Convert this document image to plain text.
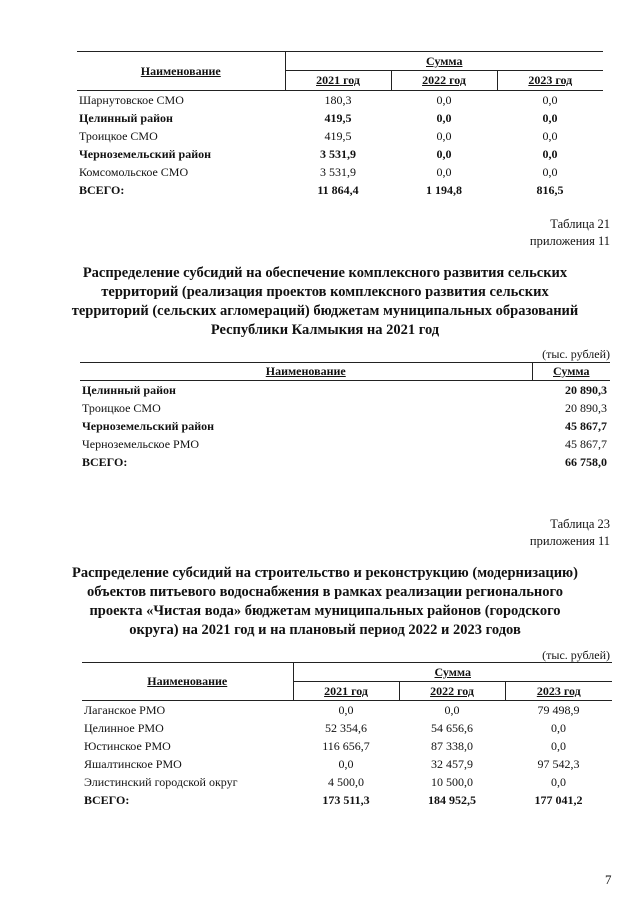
Наименование	Сумма		
	2021 год	2022 год	2023 год
Шарнутовское СМО	180,3	0,0	0,0
Целинный район	419,5	0,0	0,0
Троицкое СМО	419,5	0,0	0,0
Черноземельский район	3 531,9	0,0	0,0
Комсомольское СМО	3 531,9	0,0	0,0
ВСЕГО:	11 864,4	1 194,8	816,5
Таблица 21
приложения 11
Распределение субсидий на обеспечение комплексного развития сельских
территорий (реализация проектов комплексного развития сельских
территорий (сельских агломераций) бюджетам муниципальных образований
Республики Калмыкия на 2021 год
(тыс. рублей)
Наименование	Сумма
Целинный район	20 890,3
Троицкое СМО	20 890,3
Черноземельский район	45 867,7
Черноземельское РМО	45 867,7
ВСЕГО:	66 758,0
Таблица 23
приложения 11
Распределение субсидий на строительство и реконструкцию (модернизацию)
объектов питьевого водоснабжения в рамках реализации регионального
проекта «Чистая вода» бюджетам муниципальных районов (городского
округа) на 2021 год и на плановый период 2022 и 2023 годов
(тыс. рублей)
Наименование	Сумма		
	2021 год	2022 год	2023 год
Лаганское РМО	0,0	0,0	79 498,9
Целинное РМО	52 354,6	54 656,6	0,0
Юстинское РМО	116 656,7	87 338,0	0,0
Яшалтинское РМО	0,0	32 457,9	97 542,3
Элистинский городской округ	4 500,0	10 500,0	0,0
ВСЕГО:	173 511,3	184 952,5	177 041,2
7
